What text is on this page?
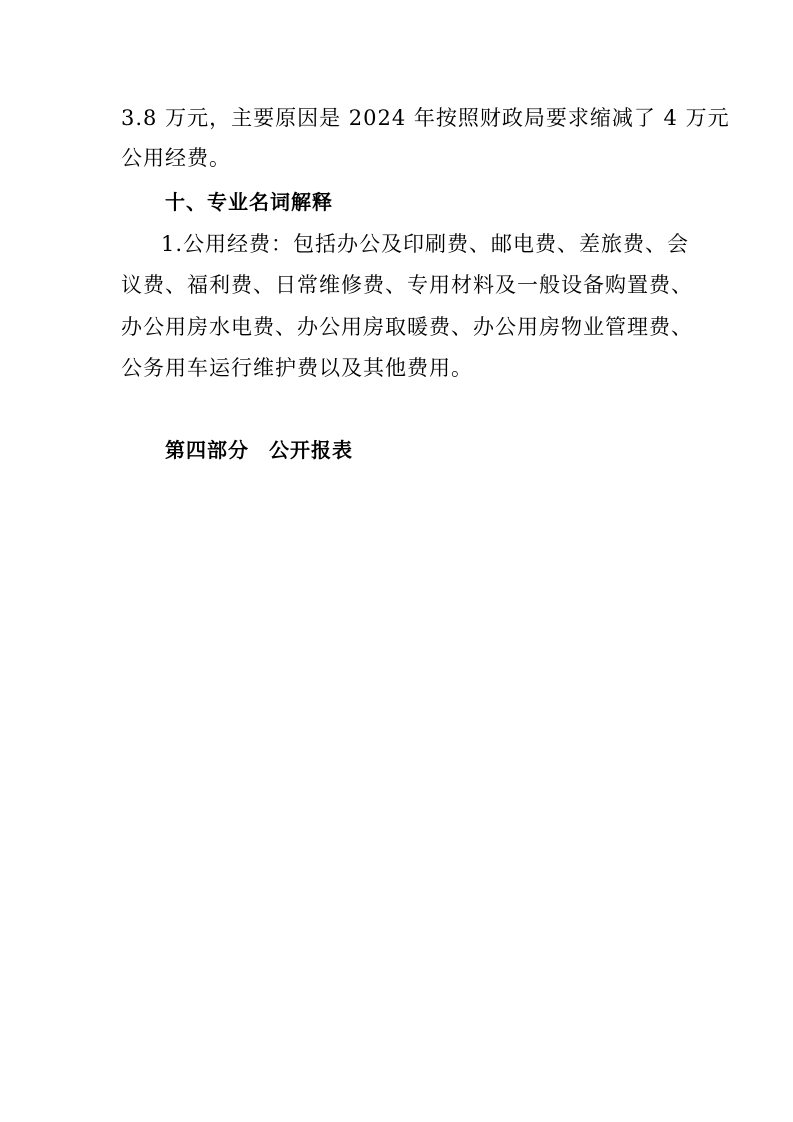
3.8 万元，主要原因是 2024 年按照财政局要求缩减了 4 万元

公用经费。

十、专业名词解释

1.公用经费：包括办公及印刷费、邮电费、差旅费、会

议费、福利费、日常维修费、专用材料及一般设备购置费、

办公用房水电费、办公用房取暖费、办公用房物业管理费、

公务用车运行维护费以及其他费用。

第四部分 公开报表
